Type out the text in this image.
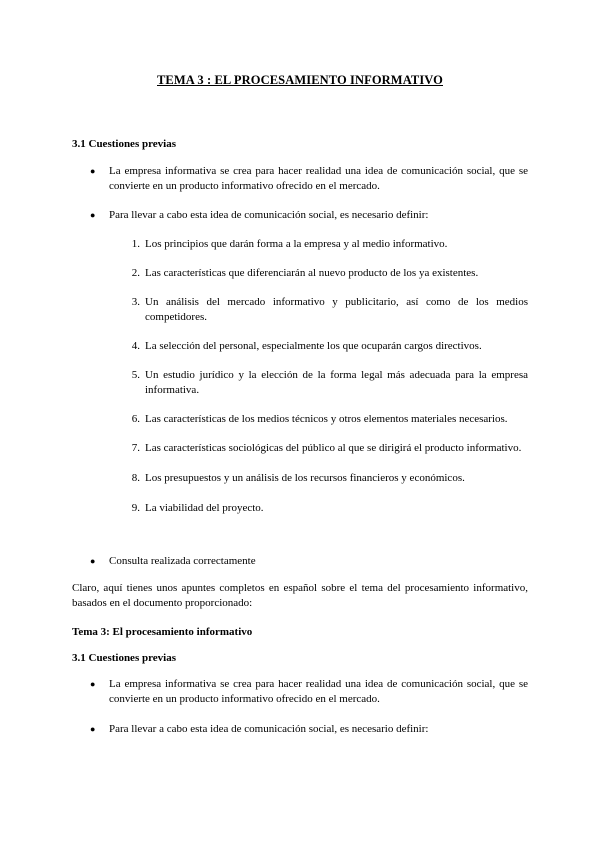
TEMA 3 : EL PROCESAMIENTO INFORMATIVO
3.1 Cuestiones previas
● La empresa informativa se crea para hacer realidad una idea de comunicación social, que se convierte en un producto informativo ofrecido en el mercado.
● Para llevar a cabo esta idea de comunicación social, es necesario definir:
1. Los principios que darán forma a la empresa y al medio informativo.
2. Las características que diferenciarán al nuevo producto de los ya existentes.
3. Un análisis del mercado informativo y publicitario, así como de los medios competidores.
4. La selección del personal, especialmente los que ocuparán cargos directivos.
5. Un estudio jurídico y la elección de la forma legal más adecuada para la empresa informativa.
6. Las características de los medios técnicos y otros elementos materiales necesarios.
7. Las características sociológicas del público al que se dirigirá el producto informativo.
8. Los presupuestos y un análisis de los recursos financieros y económicos.
9. La viabilidad del proyecto.
● Consulta realizada correctamente
Claro, aquí tienes unos apuntes completos en español sobre el tema del procesamiento informativo, basados en el documento proporcionado:
Tema 3: El procesamiento informativo
3.1 Cuestiones previas
● La empresa informativa se crea para hacer realidad una idea de comunicación social, que se convierte en un producto informativo ofrecido en el mercado.
● Para llevar a cabo esta idea de comunicación social, es necesario definir:
